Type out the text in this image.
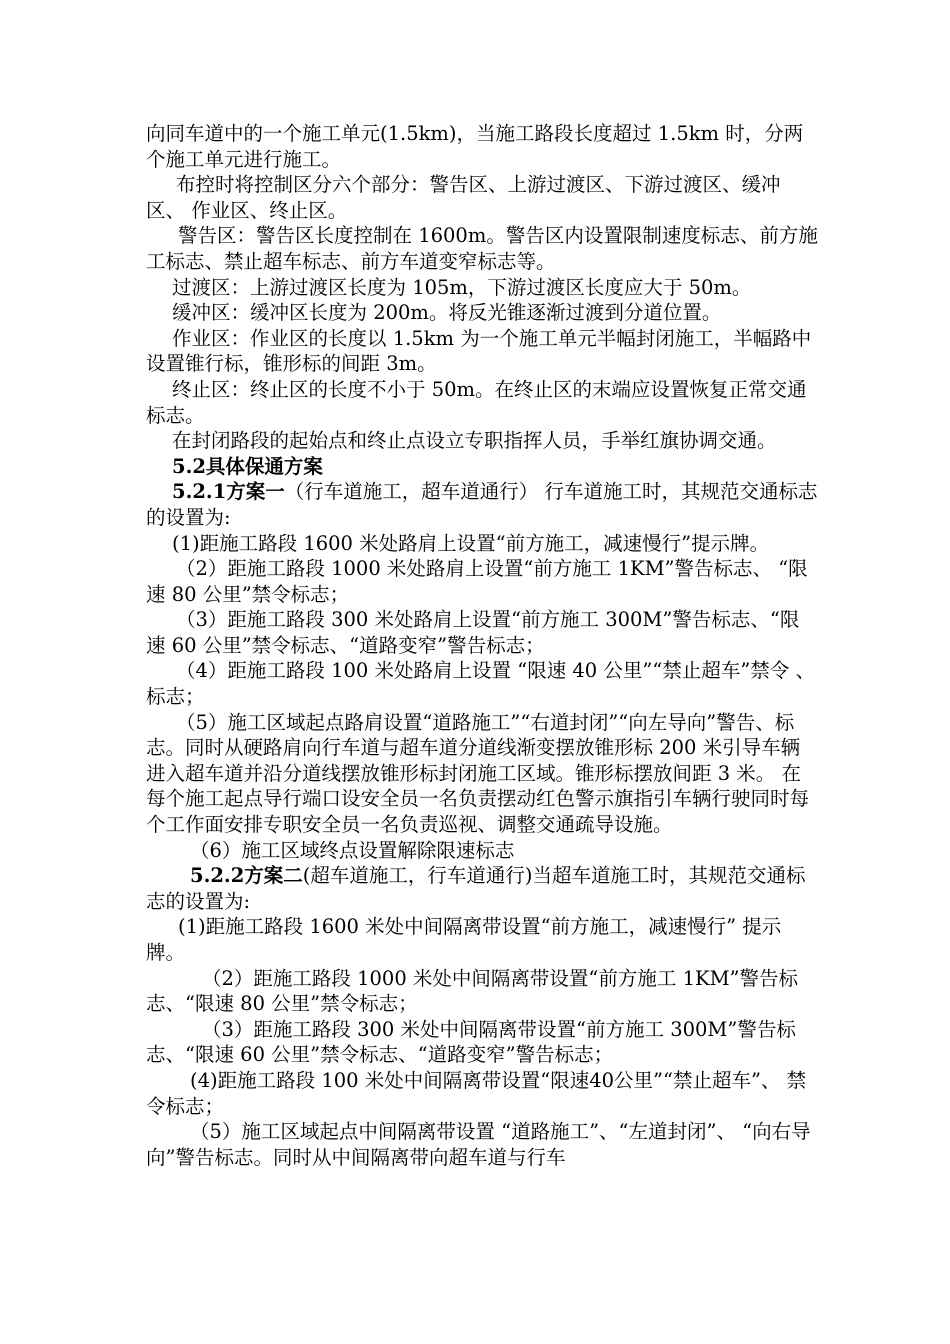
向同车道中的一个施工单元(1.5km)，当施工路段长度超过 1.5km 时，分两个施工单元进行施工。

布控时将控制区分六个部分：警告区、上游过渡区、下游过渡区、缓冲区、 作业区、终止区。

警告区：警告区长度控制在 1600m。警告区内设置限制速度标志、前方施工标志、禁止超车标志、前方车道变窄标志等。

过渡区：上游过渡区长度为 105m，下游过渡区长度应大于 50m。

缓冲区：缓冲区长度为 200m。将反光锥逐渐过渡到分道位置。

作业区：作业区的长度以 1.5km 为一个施工单元半幅封闭施工，半幅路中设置锥行标，锥形标的间距 3m。

终止区：终止区的长度不小于 50m。在终止区的末端应设置恢复正常交通标志。

在封闭路段的起始点和终止点设立专职指挥人员，手举红旗协调交通。

5.2具体保通方案

5.2.1方案一（行车道施工，超车道通行） 行车道施工时，其规范交通标志的设置为:

(1)距施工路段 1600 米处路肩上设置“前方施工，减速慢行”提示牌。

（2）距施工路段 1000 米处路肩上设置“前方施工 1KM”警告标志、 “限速 80 公里”禁令标志；

（3）距施工路段 300 米处路肩上设置“前方施工 300M”警告标志、“限速 60 公里”禁令标志、“道路变窄”警告标志；

（4）距施工路段 100 米处路肩上设置 “限速 40 公里”“禁止超车”禁令 、标志；

（5）施工区域起点路肩设置“道路施工”“右道封闭”“向左导向”警告、标志。同时从硬路肩向行车道与超车道分道线渐变摆放锥形标 200 米引导车辆进入超车道并沿分道线摆放锥形标封闭施工区域。锥形标摆放间距 3 米。 在每个施工起点导行端口设安全员一名负责摆动红色警示旗指引车辆行驶同时每个工作面安排专职安全员一名负责巡视、调整交通疏导设施。

（6）施工区域终点设置解除限速标志

5.2.2方案二(超车道施工，行车道通行)当超车道施工时，其规范交通标志的设置为:

(1)距施工路段 1600 米处中间隔离带设置“前方施工，减速慢行” 提示牌。

（2）距施工路段 1000 米处中间隔离带设置“前方施工 1KM”警告标志、“限速 80 公里”禁令标志；

（3）距施工路段 300 米处中间隔离带设置“前方施工 300M”警告标志、“限速 60 公里”禁令标志、“道路变窄”警告标志；

(4)距施工路段 100 米处中间隔离带设置“限速40公里”“禁止超车”、 禁令标志；

（5）施工区域起点中间隔离带设置 “道路施工”、“左道封闭”、 “向右导向”警告标志。同时从中间隔离带向超车道与行车
